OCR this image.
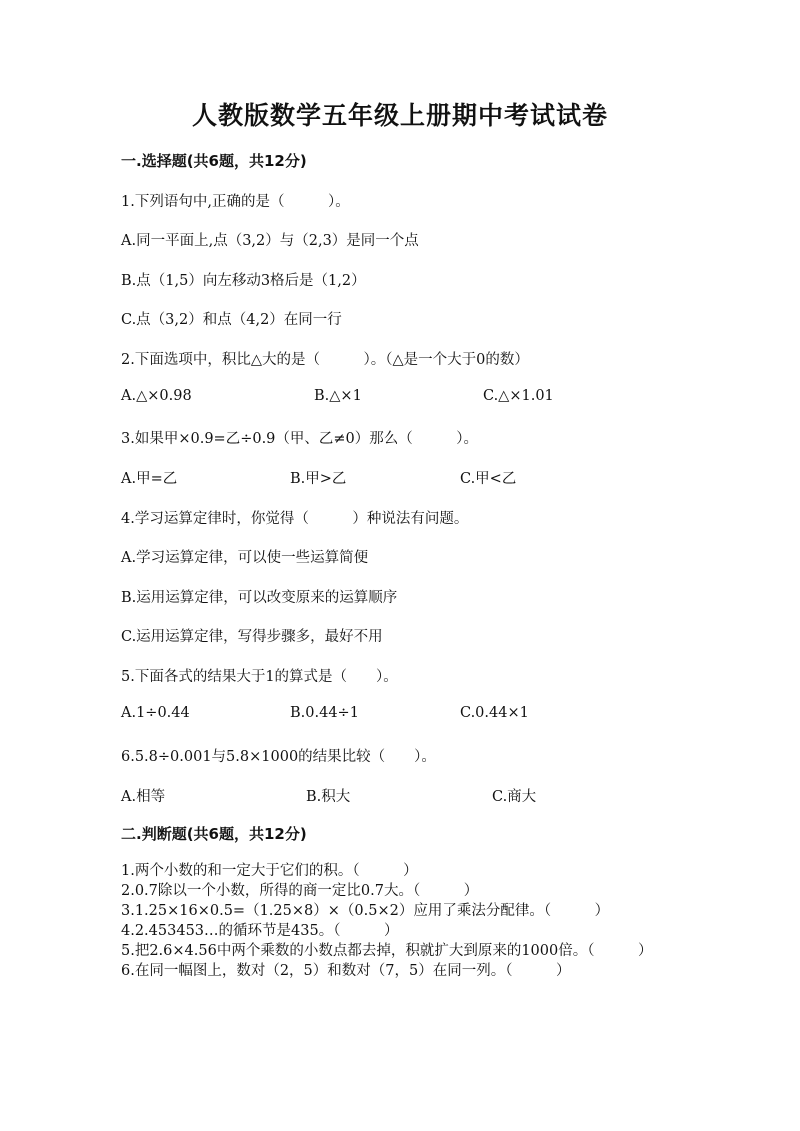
人教版数学五年级上册期中考试试卷
一.选择题(共6题，共12分)
1.下列语句中,正确的是（　　　）。
A.同一平面上,点（3,2）与（2,3）是同一个点
B.点（1,5）向左移动3格后是（1,2）
C.点（3,2）和点（4,2）在同一行
2.下面选项中，积比△大的是（　　　）。（△是一个大于0的数）
A.△×0.98	B.△×1	C.△×1.01
3.如果甲×0.9=乙÷0.9（甲、乙≠0）那么（　　　）。
A.甲=乙	B.甲>乙	C.甲<乙
4.学习运算定律时，你觉得（　　　）种说法有问题。
A.学习运算定律，可以使一些运算简便
B.运用运算定律，可以改变原来的运算顺序
C.运用运算定律，写得步骤多，最好不用
5.下面各式的结果大于1的算式是（　　）。
A.1÷0.44	B.0.44÷1	C.0.44×1
6.5.8÷0.001与5.8×1000的结果比较（　　）。
A.相等	B.积大	C.商大
二.判断题(共6题，共12分)
1.两个小数的和一定大于它们的积。（　　　）
2.0.7除以一个小数，所得的商一定比0.7大。（　　　）
3.1.25×16×0.5=（1.25×8）×（0.5×2）应用了乘法分配律。（　　　）
4.2.453453…的循环节是435。（　　　）
5.把2.6×4.56中两个乘数的小数点都去掉，积就扩大到原来的1000倍。（　　　）
6.在同一幅图上，数对（2，5）和数对（7，5）在同一列。（　　　）
